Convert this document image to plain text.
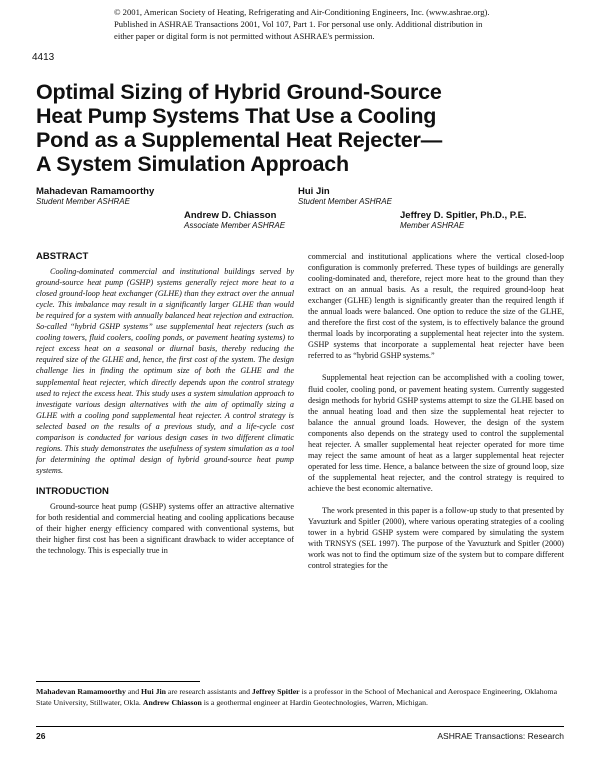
© 2001, American Society of Heating, Refrigerating and Air-Conditioning Engineers, Inc. (www.ashrae.org).
Published in ASHRAE Transactions 2001, Vol 107, Part 1. For personal use only. Additional distribution in
either paper or digital form is not permitted without ASHRAE's permission.
4413
Optimal Sizing of Hybrid Ground-Source
Heat Pump Systems That Use a Cooling
Pond as a Supplemental Heat Rejecter—
A System Simulation Approach
Mahadevan Ramamoorthy
Student Member ASHRAE
Hui Jin
Student Member ASHRAE
Andrew D. Chiasson
Associate Member ASHRAE
Jeffrey D. Spitler, Ph.D., P.E.
Member ASHRAE
ABSTRACT

Cooling-dominated commercial and institutional buildings served by ground-source heat pump (GSHP) systems generally reject more heat to a closed ground-loop heat exchanger (GLHE) than they extract over the annual cycle. This imbalance may result in a significantly larger GLHE than would be required for a system with annually balanced heat rejection and extraction. So-called “hybrid GSHP systems” use supplemental heat rejecters (such as cooling towers, fluid coolers, cooling ponds, or pavement heating systems) to reject excess heat on a seasonal or diurnal basis, thereby reducing the required size of the GLHE and, hence, the first cost of the system. The design challenge lies in finding the optimum size of both the GLHE and the supplemental heat rejecter, which directly depends upon the control strategy used to reject the excess heat. This study uses a system simulation approach to investigate various design alternatives with the aim of optimally sizing a GLHE with a cooling pond supplemental heat rejecter. A control strategy is selected based on the results of a previous study, and a life-cycle cost comparison is conducted for various design cases in two different climatic regions. This study demonstrates the usefulness of system simulation as a tool for determining the optimal design of hybrid ground-source heat pump systems.

INTRODUCTION

Ground-source heat pump (GSHP) systems offer an attractive alternative for both residential and commercial heating and cooling applications because of their higher energy efficiency compared with conventional systems, but their higher first cost has been a significant drawback to wider acceptance of the technology. This is especially true in

commercial and institutional applications where the vertical closed-loop configuration is commonly preferred. These types of buildings are generally cooling-dominated and, therefore, reject more heat to the ground than they extract on an annual basis. As a result, the required ground-loop heat exchanger (GLHE) length is significantly greater than the required length if the annual loads were balanced. One option to reduce the size of the GLHE, and therefore the first cost of the system, is to effectively balance the ground thermal loads by incorporating a supplemental heat rejecter into the system. GSHP systems that incorporate a supplemental heat rejecter have been referred to as “hybrid GSHP systems.”

Supplemental heat rejection can be accomplished with a cooling tower, fluid cooler, cooling pond, or pavement heating system. Currently suggested design methods for hybrid GSHP systems attempt to size the GLHE based on the annual heating load and then size the supplemental heat rejecter to balance the annual ground loads. However, the design of the system components also depends on the strategy used to control the supplemental heat rejecter. A smaller supplemental heat rejecter operated for more time may reject the same amount of heat as a larger supplemental heat rejecter operated for less time. Hence, a balance between the size of ground loop, size of the supplemental heat rejecter, and the control strategy is required to achieve the best economic alternative.

The work presented in this paper is a follow-up study to that presented by Yavuzturk and Spitler (2000), where various operating strategies of a cooling tower in a hybrid GSHP system were compared by simulating the system with TRNSYS (SEL 1997). The purpose of the Yavuzturk and Spitler (2000) work was not to find the optimum size of the system but to compare different control strategies for the

Mahadevan Ramamoorthy and Hui Jin are research assistants and Jeffrey Spitler is a professor in the School of Mechanical and Aerospace Engineering, Oklahoma State University, Stillwater, Okla. Andrew Chiasson is a geothermal engineer at Hardin Geotechnologies, Warren, Michigan.
26	ASHRAE Transactions: Research
